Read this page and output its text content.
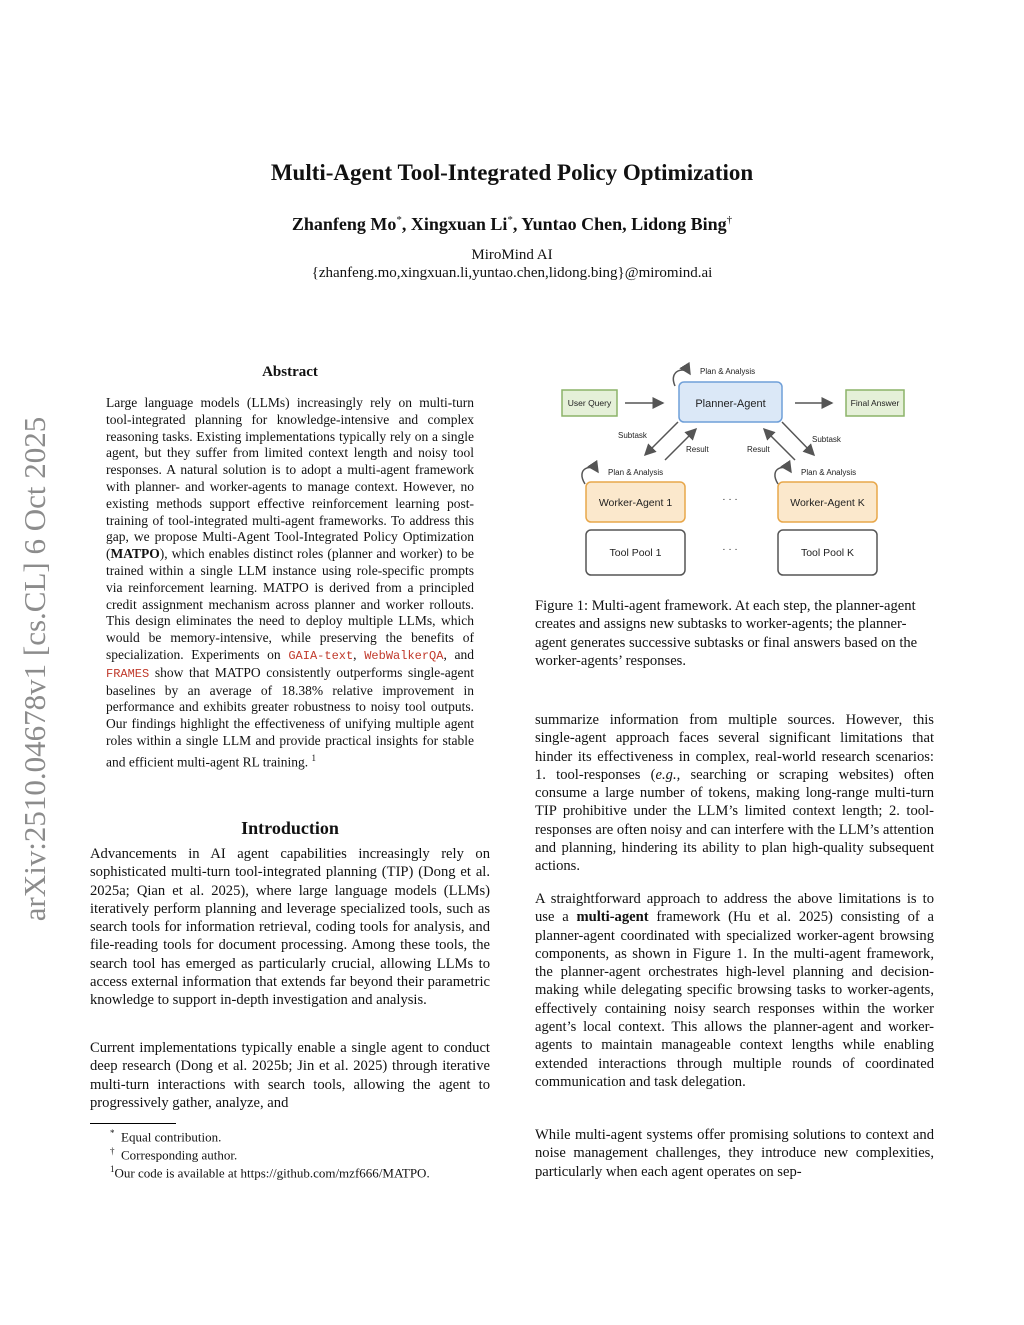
arXiv:2510.04678v1 [cs.CL] 6 Oct 2025
Multi-Agent Tool-Integrated Policy Optimization
Zhanfeng Mo*, Xingxuan Li*, Yuntao Chen, Lidong Bing†
MiroMind AI
{zhanfeng.mo,xingxuan.li,yuntao.chen,lidong.bing}@miromind.ai
Abstract
Large language models (LLMs) increasingly rely on multi-turn tool-integrated planning for knowledge-intensive and complex reasoning tasks. Existing implementations typically rely on a single agent, but they suffer from limited context length and noisy tool responses. A natural solution is to adopt a multi-agent framework with planner- and worker-agents to manage context. However, no existing methods support effective reinforcement learning post-training of tool-integrated multi-agent frameworks. To address this gap, we propose Multi-Agent Tool-Integrated Policy Optimization (MATPO), which enables distinct roles (planner and worker) to be trained within a single LLM instance using role-specific prompts via reinforcement learning. MATPO is derived from a principled credit assignment mechanism across planner and worker rollouts. This design eliminates the need to deploy multiple LLMs, which would be memory-intensive, while preserving the benefits of specialization. Experiments on GAIA-text, WebWalkerQA, and FRAMES show that MATPO consistently outperforms single-agent baselines by an average of 18.38% relative improvement in performance and exhibits greater robustness to noisy tool outputs. Our findings highlight the effectiveness of unifying multiple agent roles within a single LLM and provide practical insights for stable and efficient multi-agent RL training. $^1$
Introduction
Advancements in AI agent capabilities increasingly rely on sophisticated multi-turn tool-integrated planning (TIP) (Dong et al. 2025a; Qian et al. 2025), where large language models (LLMs) iteratively perform planning and leverage specialized tools, such as search tools for information retrieval, coding tools for analysis, and file-reading tools for document processing. Among these tools, the search tool has emerged as particularly crucial, allowing LLMs to access external information that extends far beyond their parametric knowledge to support in-depth investigation and analysis.
Current implementations typically enable a single agent to conduct deep research (Dong et al. 2025b; Jin et al. 2025) through iterative multi-turn interactions with search tools, allowing the agent to progressively gather, analyze, and
* Equal contribution.
† Corresponding author.
$^1$Our code is available at https://github.com/mzf666/MATPO.
Plan & Analysis
User Query	Planner-Agent	Final Answer
Subtask
Result	Result
Subtask
Plan & Analysis	Plan & Analysis
Worker-Agent 1	· · ·	Worker-Agent K
Tool Pool 1	· · ·	Tool Pool K
Figure 1: Multi-agent framework. At each step, the planner-agent creates and assigns new subtasks to worker-agents; the planner-agent generates successive subtasks or final answers based on the worker-agents’ responses.
summarize information from multiple sources. However, this single-agent approach faces several significant limitations that hinder its effectiveness in complex, real-world research scenarios: 1. tool-responses (e.g., searching or scraping websites) often consume a large number of tokens, making long-range multi-turn TIP prohibitive under the LLM’s limited context length; 2. tool-responses are often noisy and can interfere with the LLM’s attention and planning, hindering its ability to plan high-quality subsequent actions.
A straightforward approach to address the above limitations is to use a multi-agent framework (Hu et al. 2025) consisting of a planner-agent coordinated with specialized worker-agent browsing components, as shown in Figure 1. In the multi-agent framework, the planner-agent orchestrates high-level planning and decision-making while delegating specific browsing tasks to worker-agents, effectively containing noisy search responses within the worker agent’s local context. This allows the planner-agent and worker-agents to maintain manageable context lengths while enabling extended interactions through multiple rounds of coordinated communication and task delegation.
While multi-agent systems offer promising solutions to context and noise management challenges, they introduce new complexities, particularly when each agent operates on sep-
